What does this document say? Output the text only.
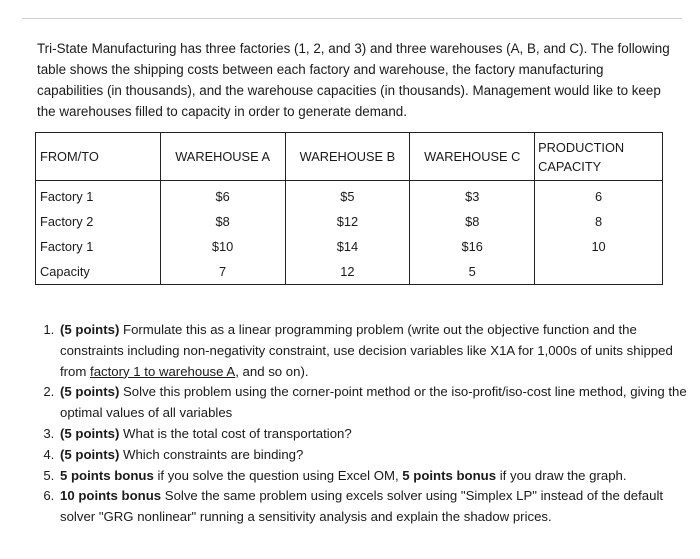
Tri-State Manufacturing has three factories (1, 2, and 3) and three warehouses (A, B, and C). The following table shows the shipping costs between each factory and warehouse, the factory manufacturing capabilities (in thousands), and the warehouse capacities (in thousands). Management would like to keep the warehouses filled to capacity in order to generate demand.

FROM/TO	WAREHOUSE A	WAREHOUSE B	WAREHOUSE C	PRODUCTION
CAPACITY
Factory 1	$6	$5	$3	6
Factory 2	$8	$12	$8	8
Factory 1	$10	$14	$16	10
Capacity	7	12	5	
1. (5 points) Formulate this as a linear programming problem (write out the objective function and the constraints including non-negativity constraint, use decision variables like X1A for 1,000s of units shipped from factory 1 to warehouse A, and so on).
2. (5 points) Solve this problem using the corner-point method or the iso-profit/iso-cost line method, giving the optimal values of all variables
3. (5 points) What is the total cost of transportation?
4. (5 points) Which constraints are binding?
5. 5 points bonus if you solve the question using Excel OM, 5 points bonus if you draw the graph.
6. 10 points bonus Solve the same problem using excels solver using "Simplex LP" instead of the default solver "GRG nonlinear" running a sensitivity analysis and explain the shadow prices.
